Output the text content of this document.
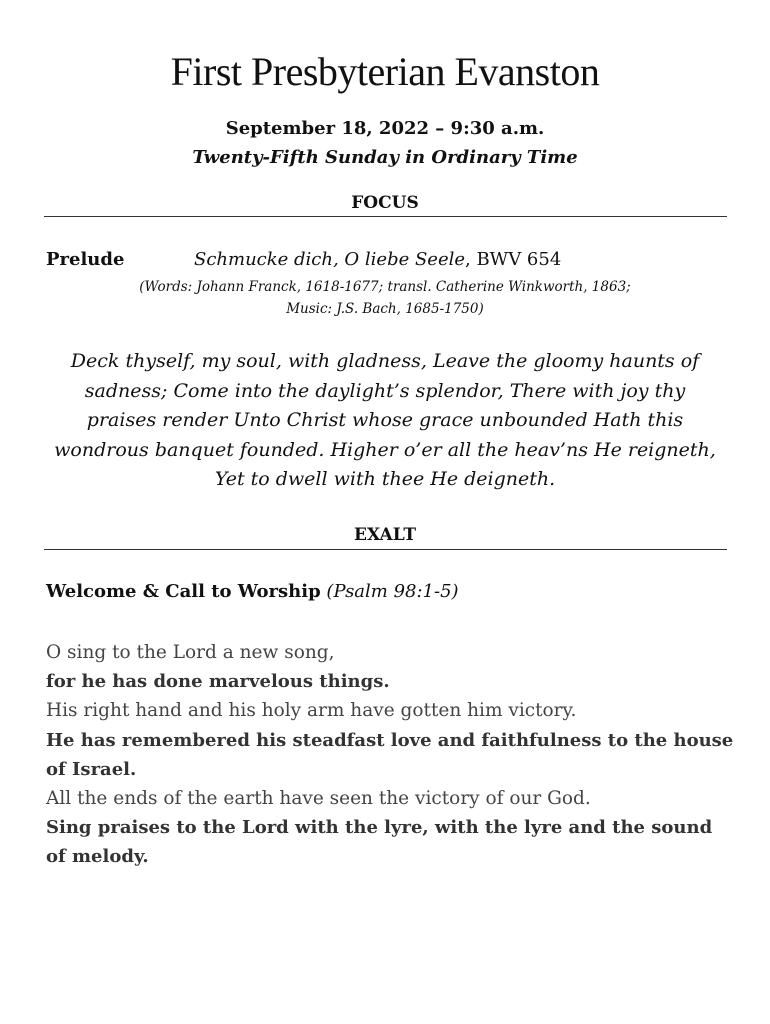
First Presbyterian Evanston
September 18, 2022 – 9:30 a.m.
Twenty-Fifth Sunday in Ordinary Time
FOCUS
Prelude	Schmucke dich, O liebe Seele, BWV 654
(Words: Johann Franck, 1618-1677; transl. Catherine Winkworth, 1863;
Music: J.S. Bach, 1685-1750)
Deck thyself, my soul, with gladness, Leave the gloomy haunts of sadness; Come into the daylight’s splendor, There with joy thy praises render Unto Christ whose grace unbounded Hath this wondrous banquet founded. Higher o’er all the heav’ns He reigneth, Yet to dwell with thee He deigneth.
EXALT
Welcome & Call to Worship (Psalm 98:1-5)
O sing to the Lord a new song,
for he has done marvelous things.
His right hand and his holy arm have gotten him victory.
He has remembered his steadfast love and faithfulness to the house of Israel.
All the ends of the earth have seen the victory of our God.
Sing praises to the Lord with the lyre, with the lyre and the sound of melody.
